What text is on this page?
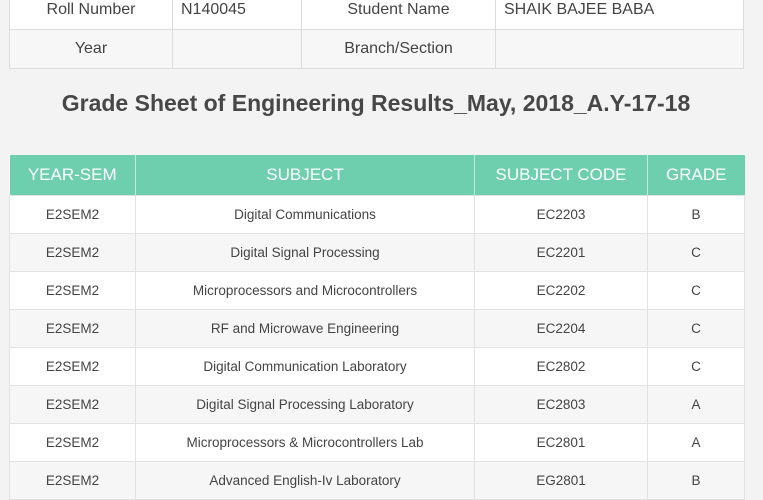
Roll Number	N140045	Student Name	SHAIK BAJEE BABA
Year		Branch/Section	
Grade Sheet of Engineering Results_May, 2018_A.Y-17-18
YEAR-SEM	SUBJECT	SUBJECT CODE	GRADE
E2SEM2	Digital Communications	EC2203	B
E2SEM2	Digital Signal Processing	EC2201	C
E2SEM2	Microprocessors and Microcontrollers	EC2202	C
E2SEM2	RF and Microwave Engineering	EC2204	C
E2SEM2	Digital Communication Laboratory	EC2802	C
E2SEM2	Digital Signal Processing Laboratory	EC2803	A
E2SEM2	Microprocessors & Microcontrollers Lab	EC2801	A
E2SEM2	Advanced English-Iv Laboratory	EG2801	B
